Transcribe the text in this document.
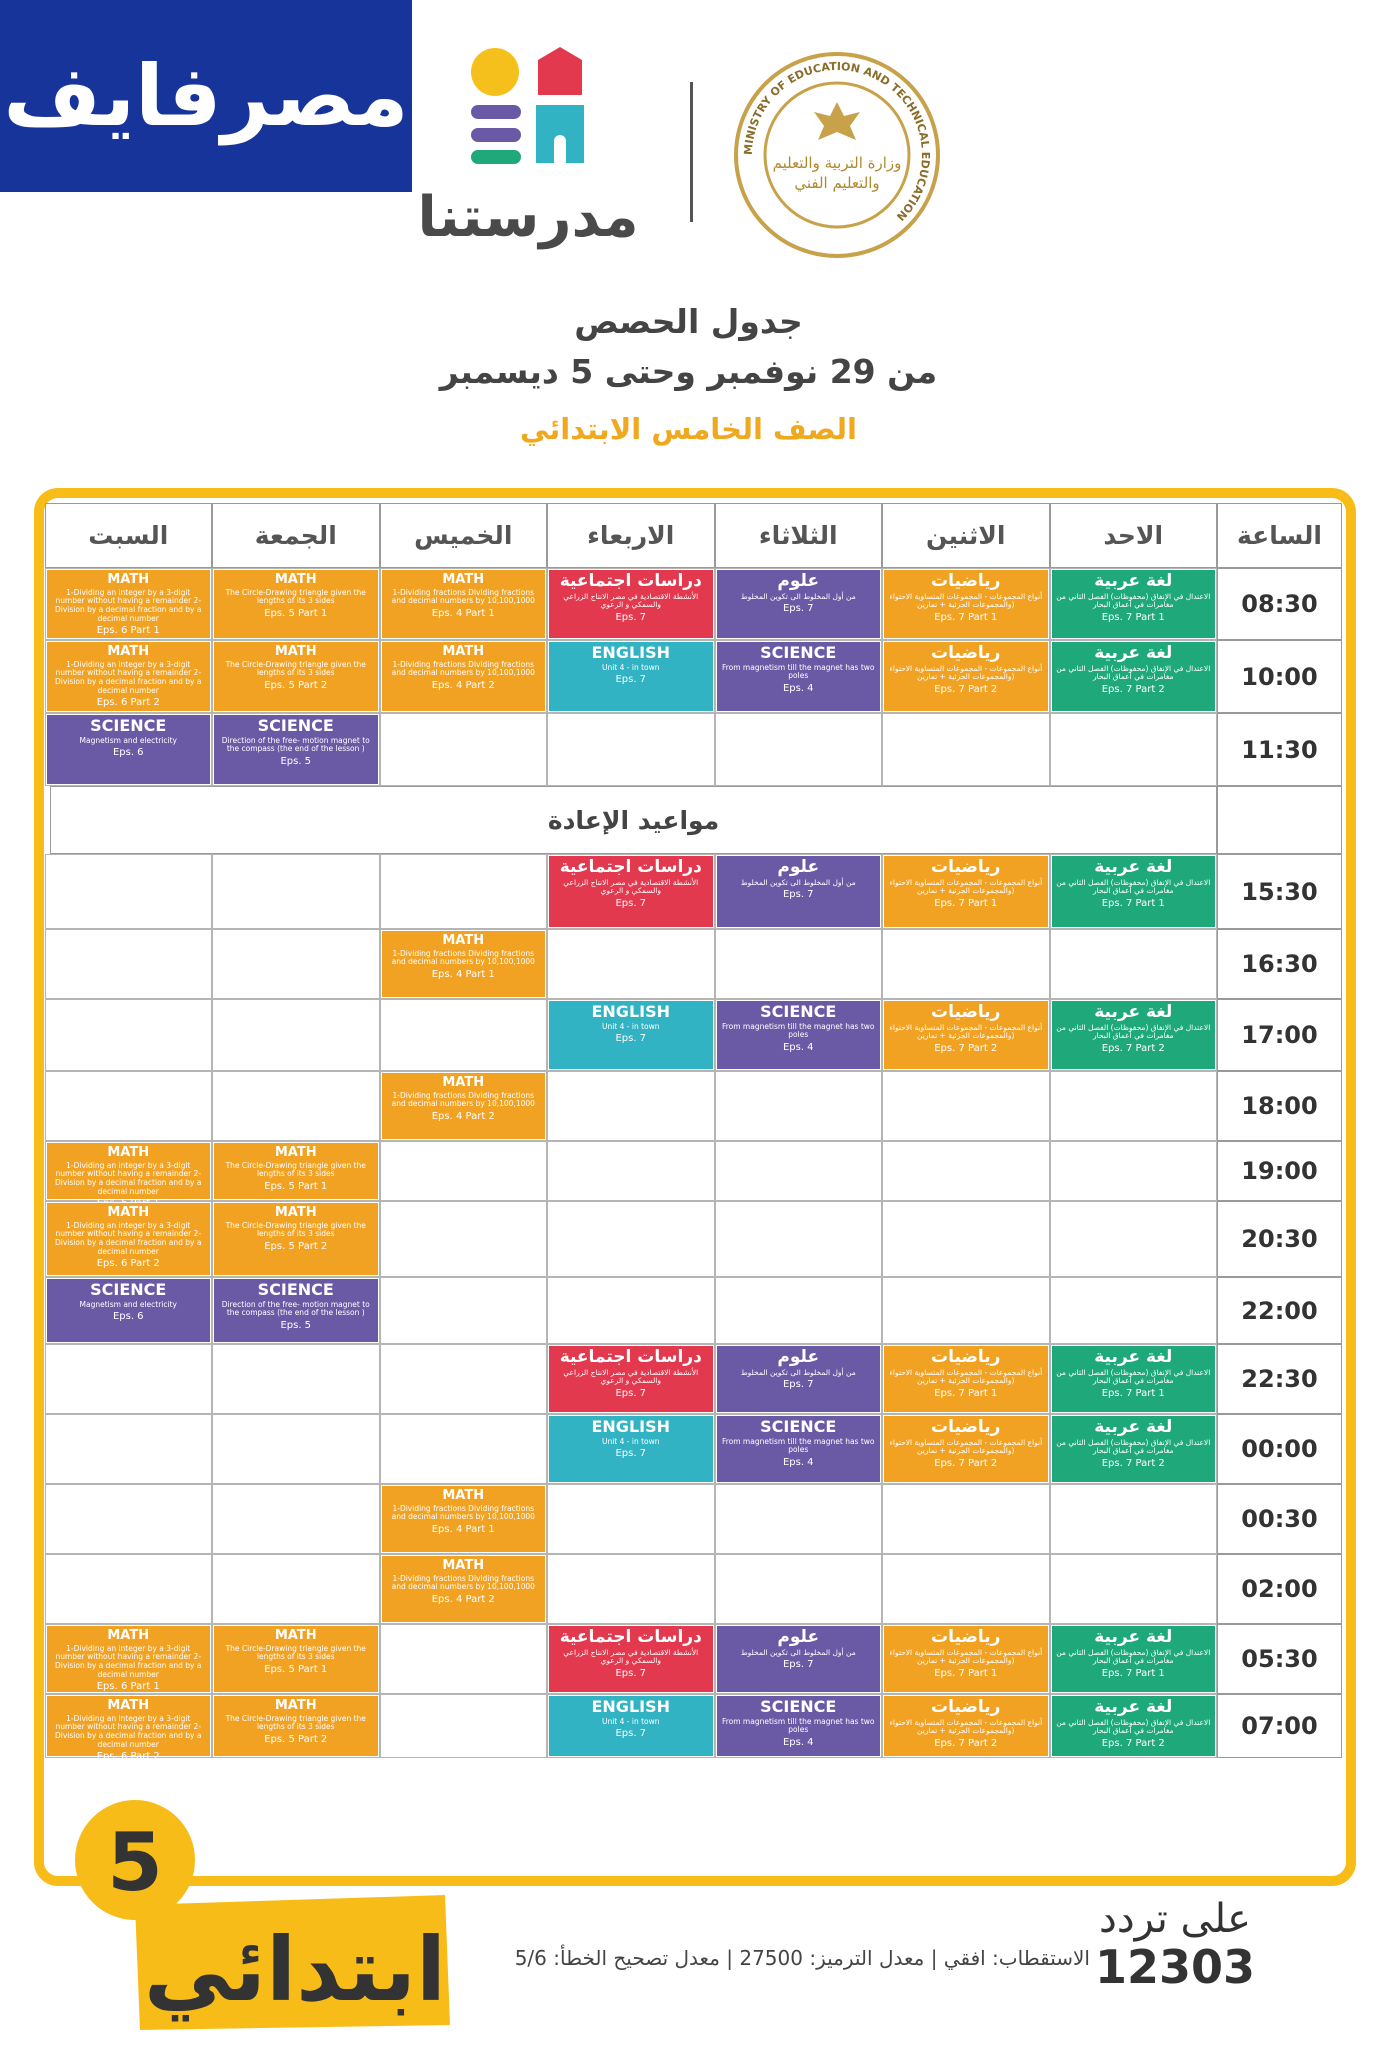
مصرفايف
مدرستنا
وزارة التربية والتعليم
والتعليم الفني
MINISTRY OF EDUCATION AND TECHNICAL EDUCATION
جدول الحصص
من 29 نوفمبر وحتى 5 ديسمبر
الصف الخامس الابتدائي
الساعة
الاحد
الاثنين
الثلاثاء
الاربعاء
الخميس
الجمعة
السبت
08:30
10:00
11:30
مواعيد الإعادة
15:30
16:30
17:00
18:00
19:00
20:30
22:00
22:30
00:00
00:30
02:00
05:30
07:00
لغة عربية
الاعتدال في الإنفاق (محفوظات) الفصل الثاني من مغامرات في أعماق البحار
Eps. 7 Part 1
رياضيات
أنواع المجموعات - المجموعات المتساوية الاحتواء (والمجموعات الجزئية + تمارين
Eps. 7 Part 1
علوم
من أول المخلوط الى تكوين المخلوط
Eps. 7
دراسات اجتماعية
الأنشطة الاقتصادية في مصر الانتاج الزراعي والسمكي و الرعوي
Eps. 7
MATH
1-Dividing fractions Dividing fractions and decimal numbers by 10,100,1000
Eps. 4 Part 1
MATH
The Circle-Drawing triangle given the lengths of its 3 sides
Eps. 5 Part 1
MATH
1-Dividing an integer by a 3-digit number without having a remainder 2-Division by a decimal fraction and by a decimal number
Eps. 6 Part 1
لغة عربية
الاعتدال في الإنفاق (محفوظات) الفصل الثاني من مغامرات في أعماق البحار
Eps. 7 Part 2
رياضيات
أنواع المجموعات - المجموعات المتساوية الاحتواء (والمجموعات الجزئية + تمارين
Eps. 7 Part 2
SCIENCE
From magnetism till the magnet has two poles
Eps. 4
ENGLISH
Unit 4 - in town
Eps. 7
MATH
1-Dividing fractions Dividing fractions and decimal numbers by 10,100,1000
Eps. 4 Part 2
MATH
The Circle-Drawing triangle given the lengths of its 3 sides
Eps. 5 Part 2
MATH
1-Dividing an integer by a 3-digit number without having a remainder 2-Division by a decimal fraction and by a decimal number
Eps. 6 Part 2
SCIENCE
Direction of the free- motion magnet to the compass (the end of the lesson )
Eps. 5
SCIENCE
Magnetism and electricity
Eps. 6
لغة عربية
الاعتدال في الإنفاق (محفوظات) الفصل الثاني من مغامرات في أعماق البحار
Eps. 7 Part 1
رياضيات
أنواع المجموعات - المجموعات المتساوية الاحتواء (والمجموعات الجزئية + تمارين
Eps. 7 Part 1
علوم
من أول المخلوط الى تكوين المخلوط
Eps. 7
دراسات اجتماعية
الأنشطة الاقتصادية في مصر الانتاج الزراعي والسمكي و الرعوي
Eps. 7
MATH
1-Dividing fractions Dividing fractions and decimal numbers by 10,100,1000
Eps. 4 Part 1
لغة عربية
الاعتدال في الإنفاق (محفوظات) الفصل الثاني من مغامرات في أعماق البحار
Eps. 7 Part 2
رياضيات
أنواع المجموعات - المجموعات المتساوية الاحتواء (والمجموعات الجزئية + تمارين
Eps. 7 Part 2
SCIENCE
From magnetism till the magnet has two poles
Eps. 4
ENGLISH
Unit 4 - in town
Eps. 7
MATH
1-Dividing fractions Dividing fractions and decimal numbers by 10,100,1000
Eps. 4 Part 2
MATH
The Circle-Drawing triangle given the lengths of its 3 sides
Eps. 5 Part 1
MATH
1-Dividing an integer by a 3-digit number without having a remainder 2-Division by a decimal fraction and by a decimal number
MATH
The Circle-Drawing triangle given the lengths of its 3 sides
Eps. 5 Part 2
MATH
1-Dividing an integer by a 3-digit number without having a remainder 2-Division by a decimal fraction and by a decimal number
Eps. 6 Part 2
SCIENCE
Direction of the free- motion magnet to the compass (the end of the lesson )
Eps. 5
SCIENCE
Magnetism and electricity
Eps. 6
لغة عربية
الاعتدال في الإنفاق (محفوظات) الفصل الثاني من مغامرات في أعماق البحار
Eps. 7 Part 1
رياضيات
أنواع المجموعات - المجموعات المتساوية الاحتواء (والمجموعات الجزئية + تمارين
Eps. 7 Part 1
علوم
من أول المخلوط الى تكوين المخلوط
Eps. 7
دراسات اجتماعية
الأنشطة الاقتصادية في مصر الانتاج الزراعي والسمكي و الرعوي
Eps. 7
لغة عربية
الاعتدال في الإنفاق (محفوظات) الفصل الثاني من مغامرات في أعماق البحار
Eps. 7 Part 2
رياضيات
أنواع المجموعات - المجموعات المتساوية الاحتواء (والمجموعات الجزئية + تمارين
Eps. 7 Part 2
SCIENCE
From magnetism till the magnet has two poles
Eps. 4
ENGLISH
Unit 4 - in town
Eps. 7
MATH
1-Dividing fractions Dividing fractions and decimal numbers by 10,100,1000
Eps. 4 Part 1
MATH
1-Dividing fractions Dividing fractions and decimal numbers by 10,100,1000
Eps. 4 Part 2
لغة عربية
الاعتدال في الإنفاق (محفوظات) الفصل الثاني من مغامرات في أعماق البحار
Eps. 7 Part 1
رياضيات
أنواع المجموعات - المجموعات المتساوية الاحتواء (والمجموعات الجزئية + تمارين
Eps. 7 Part 1
علوم
من أول المخلوط الى تكوين المخلوط
Eps. 7
دراسات اجتماعية
الأنشطة الاقتصادية في مصر الانتاج الزراعي والسمكي و الرعوي
Eps. 7
MATH
The Circle-Drawing triangle given the lengths of its 3 sides
Eps. 5 Part 1
MATH
1-Dividing an integer by a 3-digit number without having a remainder 2-Division by a decimal fraction and by a decimal number
Eps. 6 Part 1
لغة عربية
الاعتدال في الإنفاق (محفوظات) الفصل الثاني من مغامرات في أعماق البحار
Eps. 7 Part 2
رياضيات
أنواع المجموعات - المجموعات المتساوية الاحتواء (والمجموعات الجزئية + تمارين
Eps. 7 Part 2
SCIENCE
From magnetism till the magnet has two poles
Eps. 4
ENGLISH
Unit 4 - in town
Eps. 7
MATH
The Circle-Drawing triangle given the lengths of its 3 sides
Eps. 5 Part 2
MATH
1-Dividing an integer by a 3-digit number without having a remainder 2-Division by a decimal fraction and by a decimal number
Eps. 6 Part 2
5
ابتدائي	على تردد
12303
الاستقطاب: افقي | معدل الترميز: 27500 | معدل تصحيح الخطأ: 5/6
